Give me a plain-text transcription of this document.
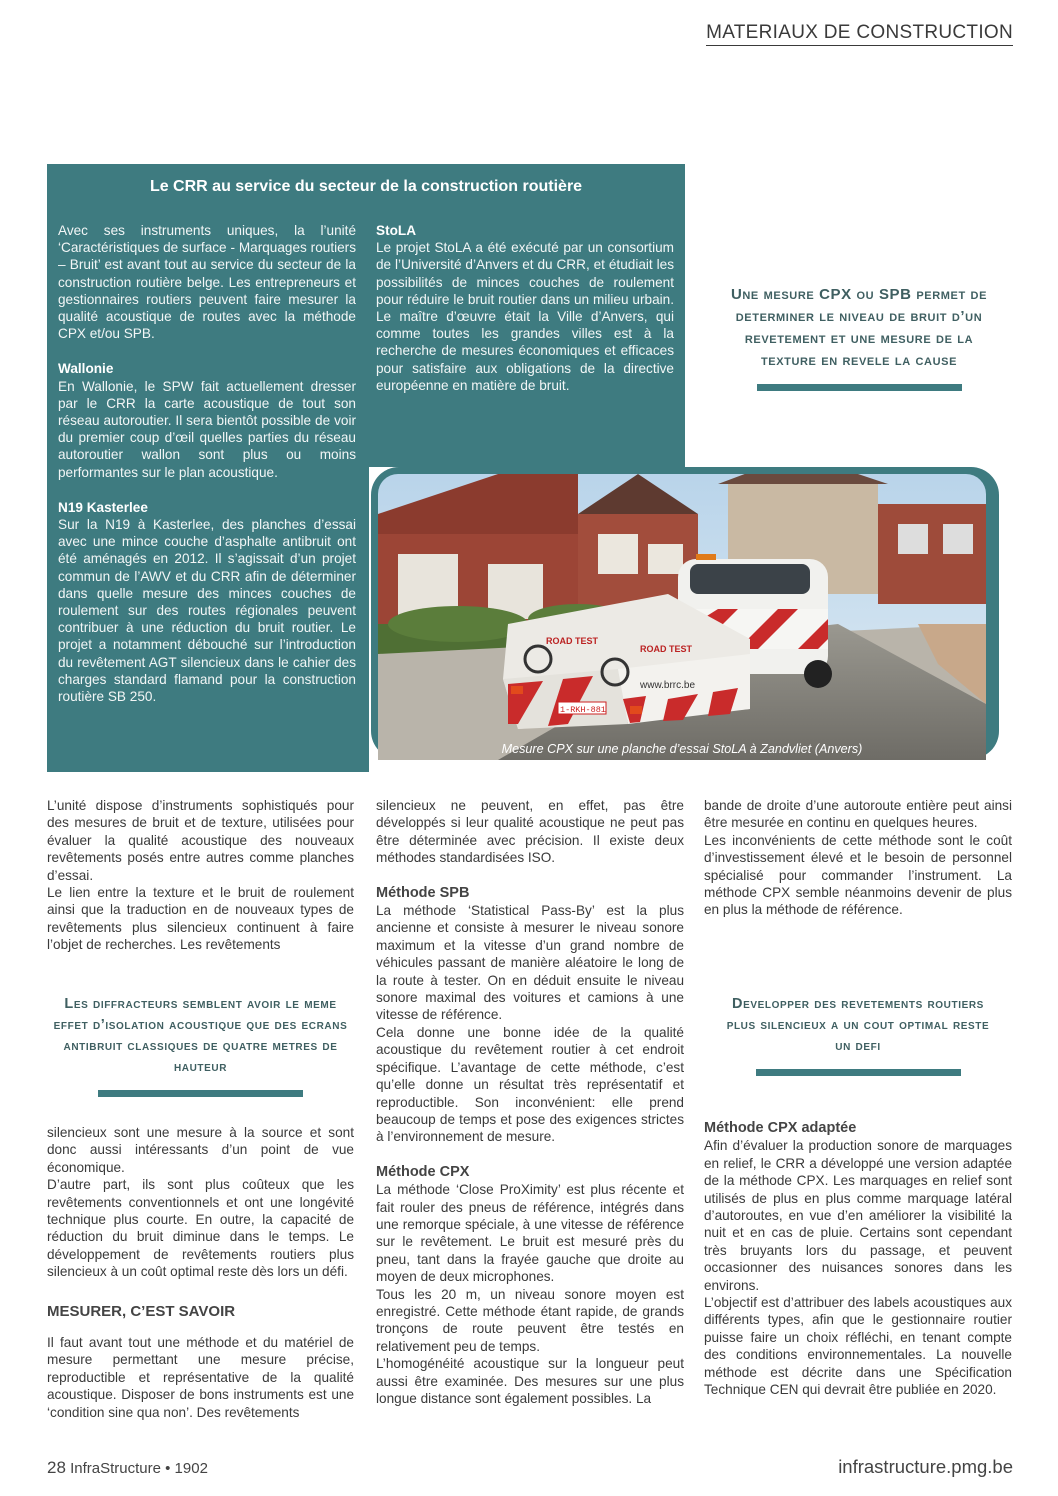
MATERIAUX DE CONSTRUCTION
Le CRR au service du secteur de la construction routière

Avec ses instruments uniques, la l’unité ‘Caractéristiques de surface - Marquages routiers – Bruit’ est avant tout au service du secteur de la construction routière belge. Les entrepreneurs et gestionnaires routiers peuvent faire mesurer la qualité acoustique de routes avec la méthode CPX et/ou SPB.

Wallonie

En Wallonie, le SPW fait actuellement dresser par le CRR la carte acoustique de tout son réseau autoroutier. Il sera bientôt possible de voir du premier coup d’œil quelles parties du réseau autoroutier wallon sont plus ou moins performantes sur le plan acoustique.

N19 Kasterlee

Sur la N19 à Kasterlee, des planches d’essai avec une mince couche d’asphalte antibruit ont été aménagés en 2012. Il s’agissait d’un projet commun de l’AWV et du CRR afin de déterminer dans quelle mesure des minces couches de roulement sur des routes régionales peuvent contribuer à une réduction du bruit routier. Le projet a notamment débouché sur l’introduction du revêtement AGT silencieux dans le cahier des charges standard flamand pour la construction routière SB 250.

StoLA

Le projet StoLA a été exécuté par un consortium de l’Université d’Anvers et du CRR, et étudiait les possibilités de minces couches de roulement pour réduire le bruit routier dans un milieu urbain. Le maître d’œuvre était la Ville d’Anvers, qui comme toutes les grandes villes est à la recherche de mesures économiques et efficaces pour satisfaire aux obligations de la directive européenne en matière de bruit.

Une mesure CPX ou SPB permet de determiner le niveau de bruit d’un revetement et une mesure de la texture en revele la cause
ROAD TEST
ROAD TEST
www.brrc.be
1-RKH-881
Mesure CPX sur une planche d’essai StoLA à Zandvliet (Anvers)

L’unité dispose d’instruments sophistiqués pour des mesures de bruit et de texture, utilisées pour évaluer la qualité acoustique des nouveaux revêtements posés entre autres comme planches d’essai.

Le lien entre la texture et le bruit de roulement ainsi que la traduction en de nouveaux types de revêtements plus silencieux continuent à faire l’objet de recherches. Les revêtements

Les diffracteurs semblent avoir le meme effet d’isolation acoustique que des ecrans antibruit classiques de quatre metres de hauteur

silencieux sont une mesure à la source et sont donc aussi intéressants d’un point de vue économique.

D’autre part, ils sont plus coûteux que les revêtements conventionnels et ont une longévité technique plus courte. En outre, la capacité de réduction du bruit diminue dans le temps. Le développement de revêtements routiers plus silencieux à un coût optimal reste dès lors un défi.

MESURER, C’EST SAVOIR

Il faut avant tout une méthode et du matériel de mesure permettant une mesure précise, reproductible et représentative de la qualité acoustique. Disposer de bons instruments est une ‘condition sine qua non’. Des revêtements

silencieux ne peuvent, en effet, pas être développés si leur qualité acoustique ne peut pas être déterminée avec précision. Il existe deux méthodes standardisées ISO.

Méthode SPB

La méthode ‘Statistical Pass-By’ est la plus ancienne et consiste à mesurer le niveau sonore maximum et la vitesse d’un grand nombre de véhicules passant de manière aléatoire le long de la route à tester. On en déduit ensuite le niveau sonore maximal des voitures et camions à une vitesse de référence.

Cela donne une bonne idée de la qualité acoustique du revêtement routier à cet endroit spécifique. L’avantage de cette méthode, c’est qu’elle donne un résultat très représentatif et reproductible. Son inconvénient: elle prend beaucoup de temps et pose des exigences strictes à l’environnement de mesure.

Méthode CPX

La méthode ‘Close ProXimity’ est plus récente et fait rouler des pneus de référence, intégrés dans une remorque spéciale, à une vitesse de référence sur le revêtement. Le bruit est mesuré près du pneu, tant dans la frayée gauche que droite au moyen de deux microphones.

Tous les 20 m, un niveau sonore moyen est enregistré. Cette méthode étant rapide, de grands tronçons de route peuvent être testés en relativement peu de temps.

L’homogénéité acoustique sur la longueur peut aussi être examinée. Des mesures sur une plus longue distance sont également possibles. La

bande de droite d’une autoroute entière peut ainsi être mesurée en continu en quelques heures.

Les inconvénients de cette méthode sont le coût d’investissement élevé et le besoin de personnel spécialisé pour commander l’instrument. La méthode CPX semble néanmoins devenir de plus en plus la méthode de référence.

Developper des revetements routiers plus silencieux a un cout optimal reste un defi

Méthode CPX adaptée

Afin d’évaluer la production sonore de marquages en relief, le CRR a développé une version adaptée de la méthode CPX. Les marquages en relief sont utilisés de plus en plus comme marquage latéral d’autoroutes, en vue d’en améliorer la visibilité la nuit et en cas de pluie. Certains sont cependant très bruyants lors du passage, et peuvent occasionner des nuisances sonores dans les environs.

L’objectif est d’attribuer des labels acoustiques aux différents types, afin que le gestionnaire routier puisse faire un choix réfléchi, en tenant compte des conditions environnementales. La nouvelle méthode est décrite dans une Spécification Technique CEN qui devrait être publiée en 2020.

28 InfraStructure • 1902	infrastructure.pmg.be
